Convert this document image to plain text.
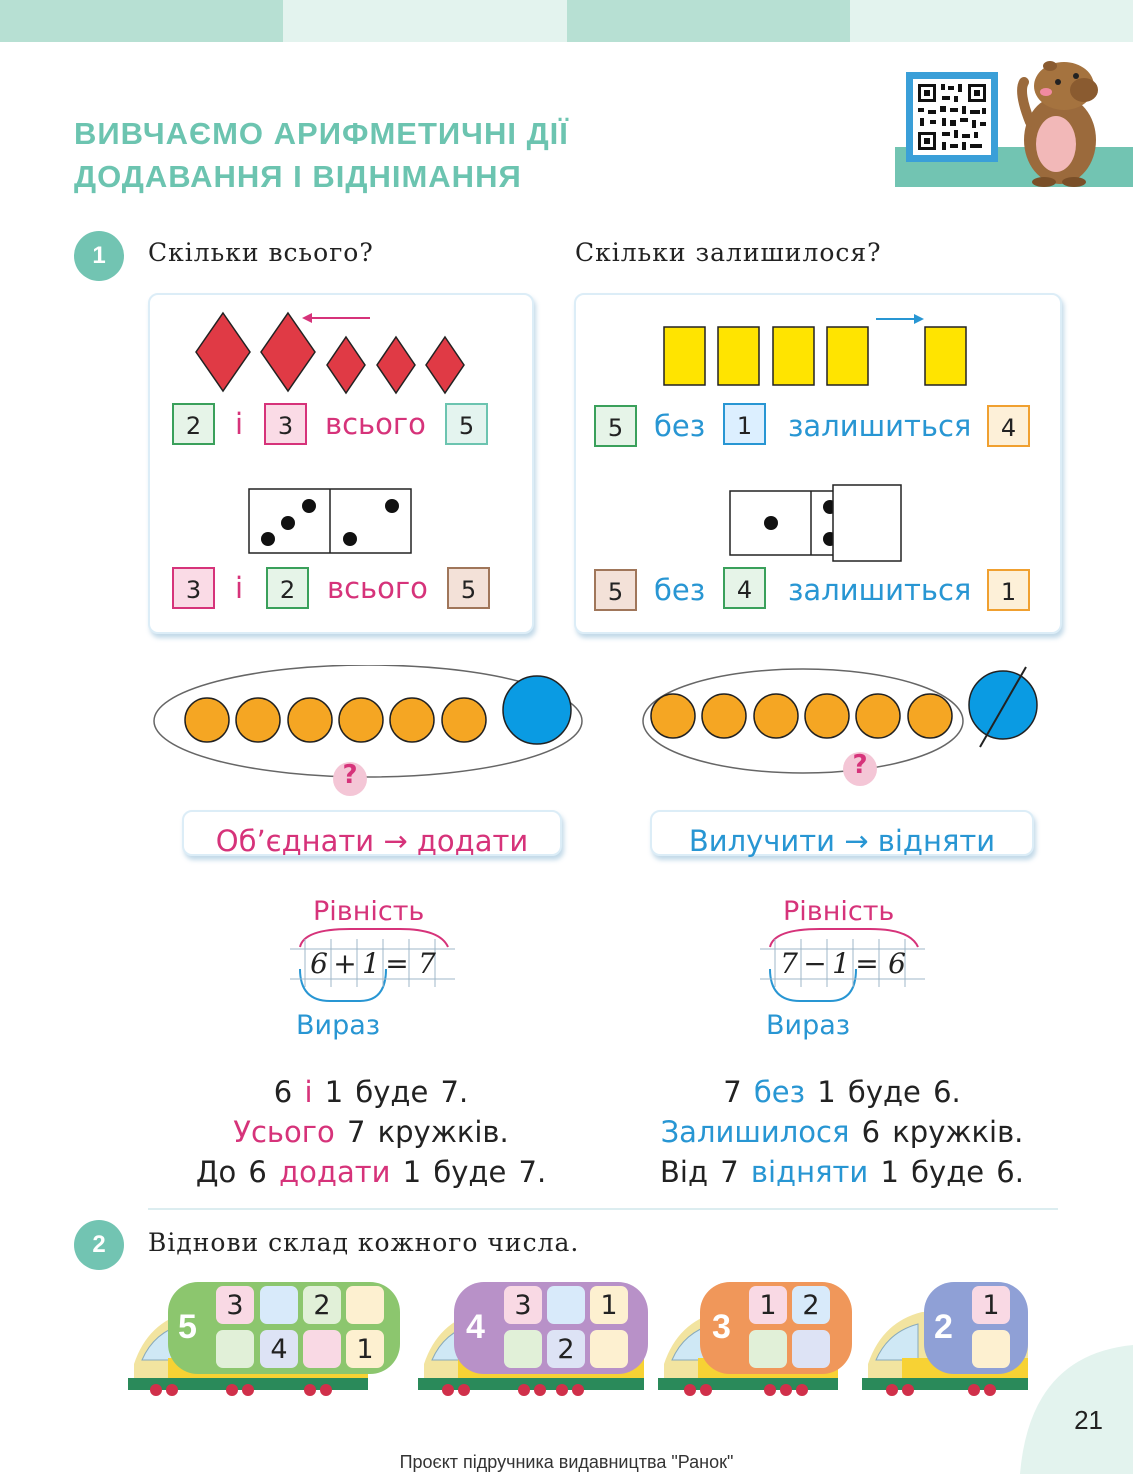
ВИВЧАЄМО АРИФМЕТИЧНІ ДІЇ
ДОДАВАННЯ І ВІДНІМАННЯ
1	Скільки всього?	Скільки залишилося?
2	і	3	всього	5
3	і	2	всього	5
5	без	1	залишиться	4
5	без	4	залишиться	1
?	?
Об’єднати → додати	Вилучити → відняти
Рівність
6 + 1 = 7
Вираз
Рівність
7 − 1 = 6
Вираз
6 і 1 буде 7.
Усього 7 кружків.
До 6 додати 1 буде 7.
7 без 1 буде 6.
Залишилося 6 кружків.
Від 7 відняти 1 буде 6.
2	Віднови склад кожного числа.
5
3	2
4	1
4
3	1
2
3
1 2
2
1
21
Проєкт підручника видавництва "Ранок"
